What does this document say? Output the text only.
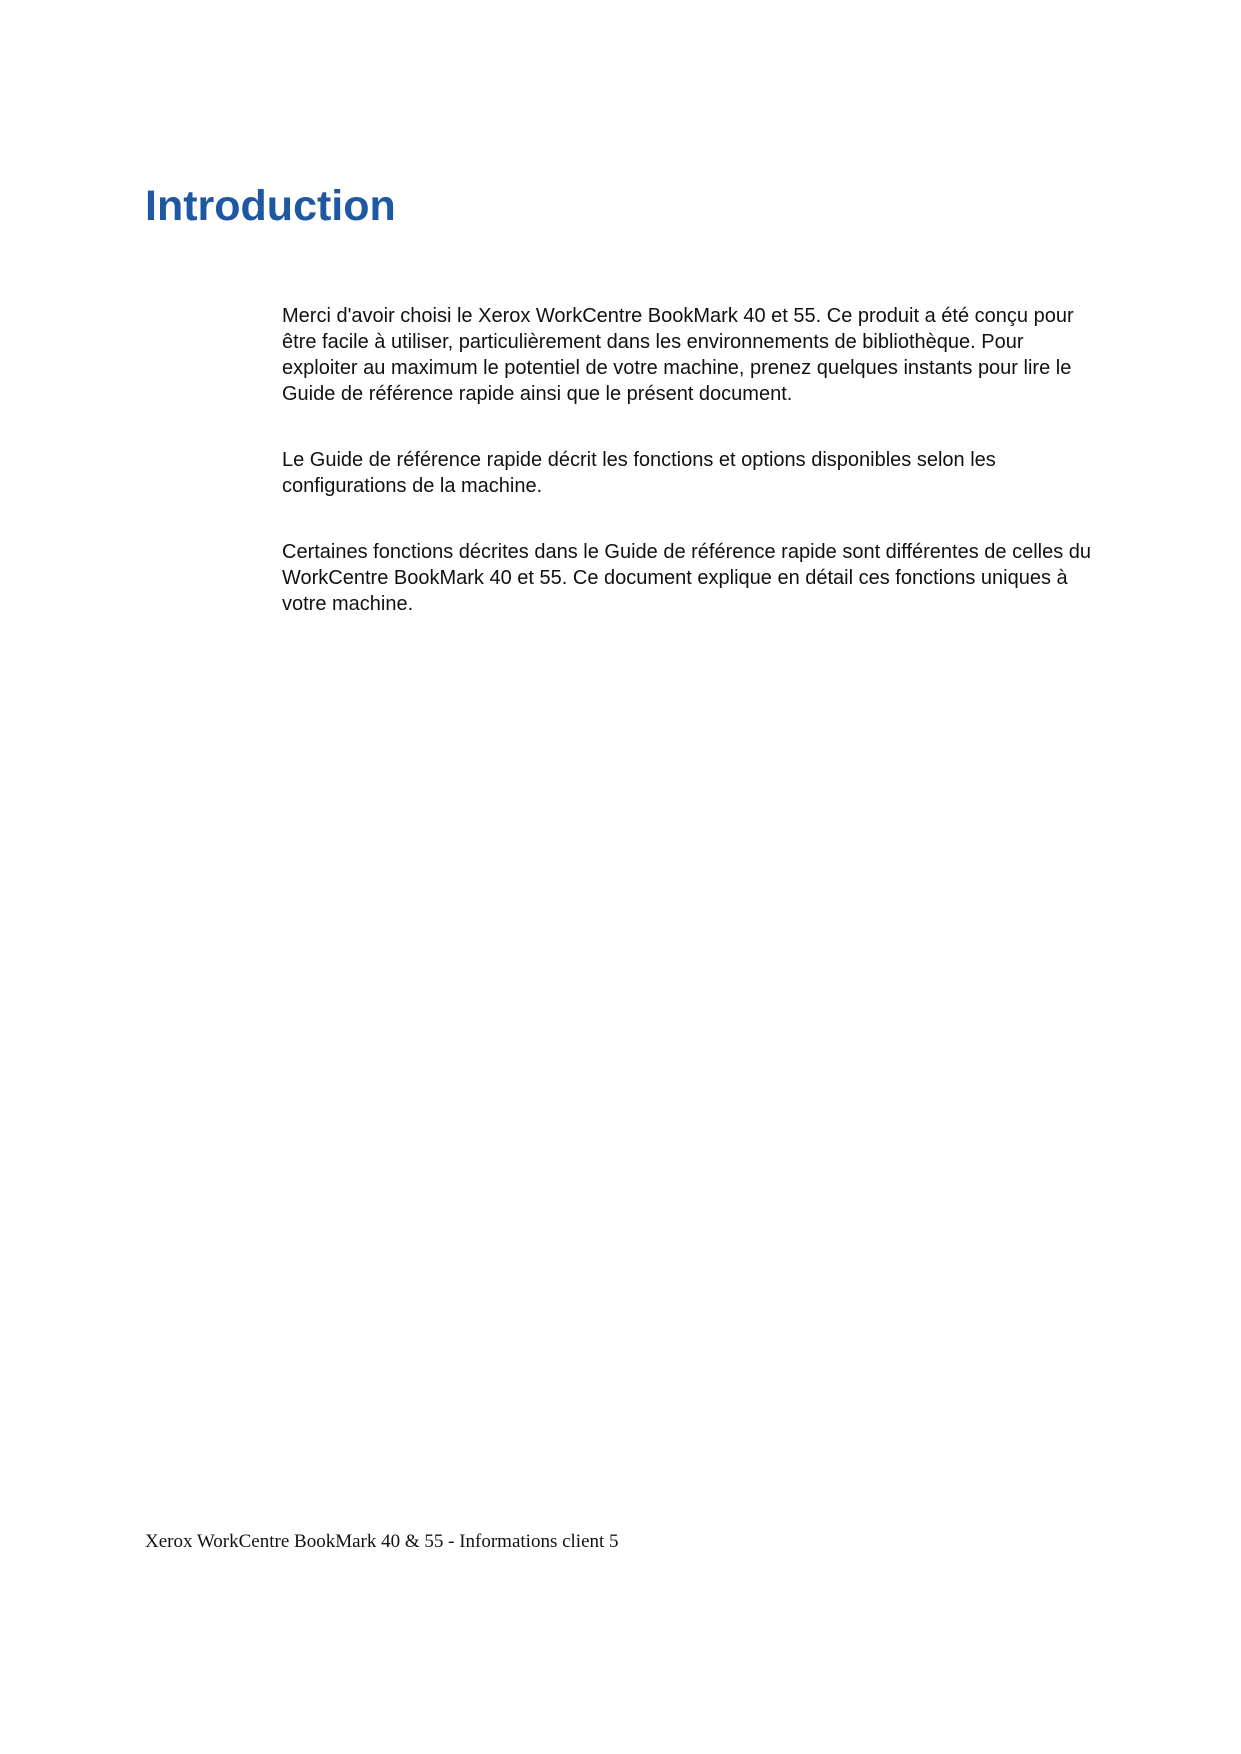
Introduction

Merci d'avoir choisi le Xerox WorkCentre BookMark 40 et 55. Ce produit a été conçu pour être facile à utiliser, particulièrement dans les environnements de bibliothèque. Pour exploiter au maximum le potentiel de votre machine, prenez quelques instants pour lire le Guide de référence rapide ainsi que le présent document.

Le Guide de référence rapide décrit les fonctions et options disponibles selon les configurations de la machine.

Certaines fonctions décrites dans le Guide de référence rapide sont différentes de celles du WorkCentre BookMark 40 et 55. Ce document explique en détail ces fonctions uniques à votre machine.

Xerox WorkCentre BookMark 40 & 55 - Informations client 5
